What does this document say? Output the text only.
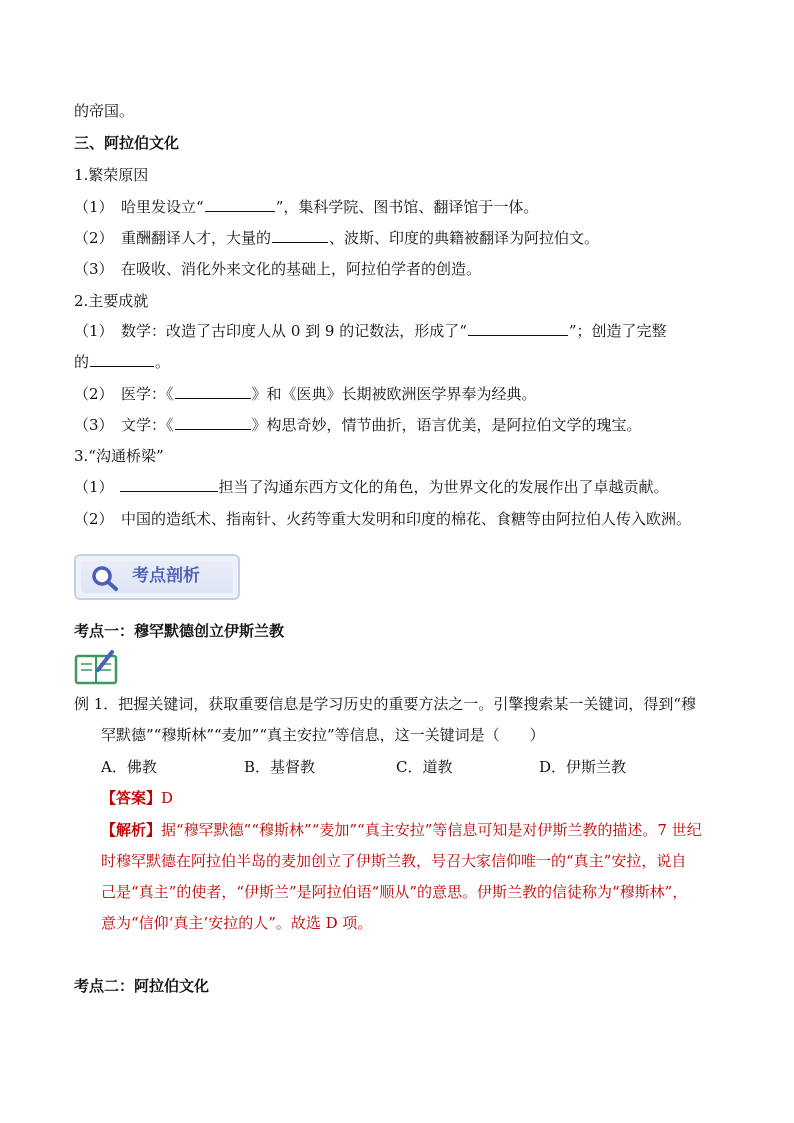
的帝国。
三、阿拉伯文化
1.繁荣原因
（1）　哈里发设立“	”，集科学院、图书馆、翻译馆于一体。
（2）　重酬翻译人才，大量的	、波斯、印度的典籍被翻译为阿拉伯文。
（3）　在吸收、消化外来文化的基础上，阿拉伯学者的创造。
2.主要成就
（1）　数学：改造了古印度人从 0 到 9 的记数法，形成了“	”；创造了完整
的	。
（2）　医学：《	》和《医典》长期被欧洲医学界奉为经典。
（3）　文学：《	》构思奇妙，情节曲折，语言优美，是阿拉伯文学的瑰宝。
3.“沟通桥梁”
（1）	担当了沟通东西方文化的角色，为世界文化的发展作出了卓越贡献。
（2）　中国的造纸术、指南针、火药等重大发明和印度的棉花、食糖等由阿拉伯人传入欧洲。
考点剖析
考点一：穆罕默德创立伊斯兰教
例 1．把握关键词，获取重要信息是学习历史的重要方法之一。引擎搜索某一关键词，得到“穆
罕默德”“穆斯林”“麦加”“真主安拉”等信息，这一关键词是（　　）
A．佛教	B．基督教	C．道教	D．伊斯兰教
【答案】D
【解析】据“穆罕默德”“穆斯林”“麦加”“真主安拉”等信息可知是对伊斯兰教的描述。7 世纪
时穆罕默德在阿拉伯半岛的麦加创立了伊斯兰教，号召大家信仰唯一的“真主”安拉，说自
己是“真主”的使者，“伊斯兰”是阿拉伯语“顺从”的意思。伊斯兰教的信徒称为“穆斯林”，
意为“信仰‘真主’安拉的人”。故选 D 项。
考点二：阿拉伯文化
